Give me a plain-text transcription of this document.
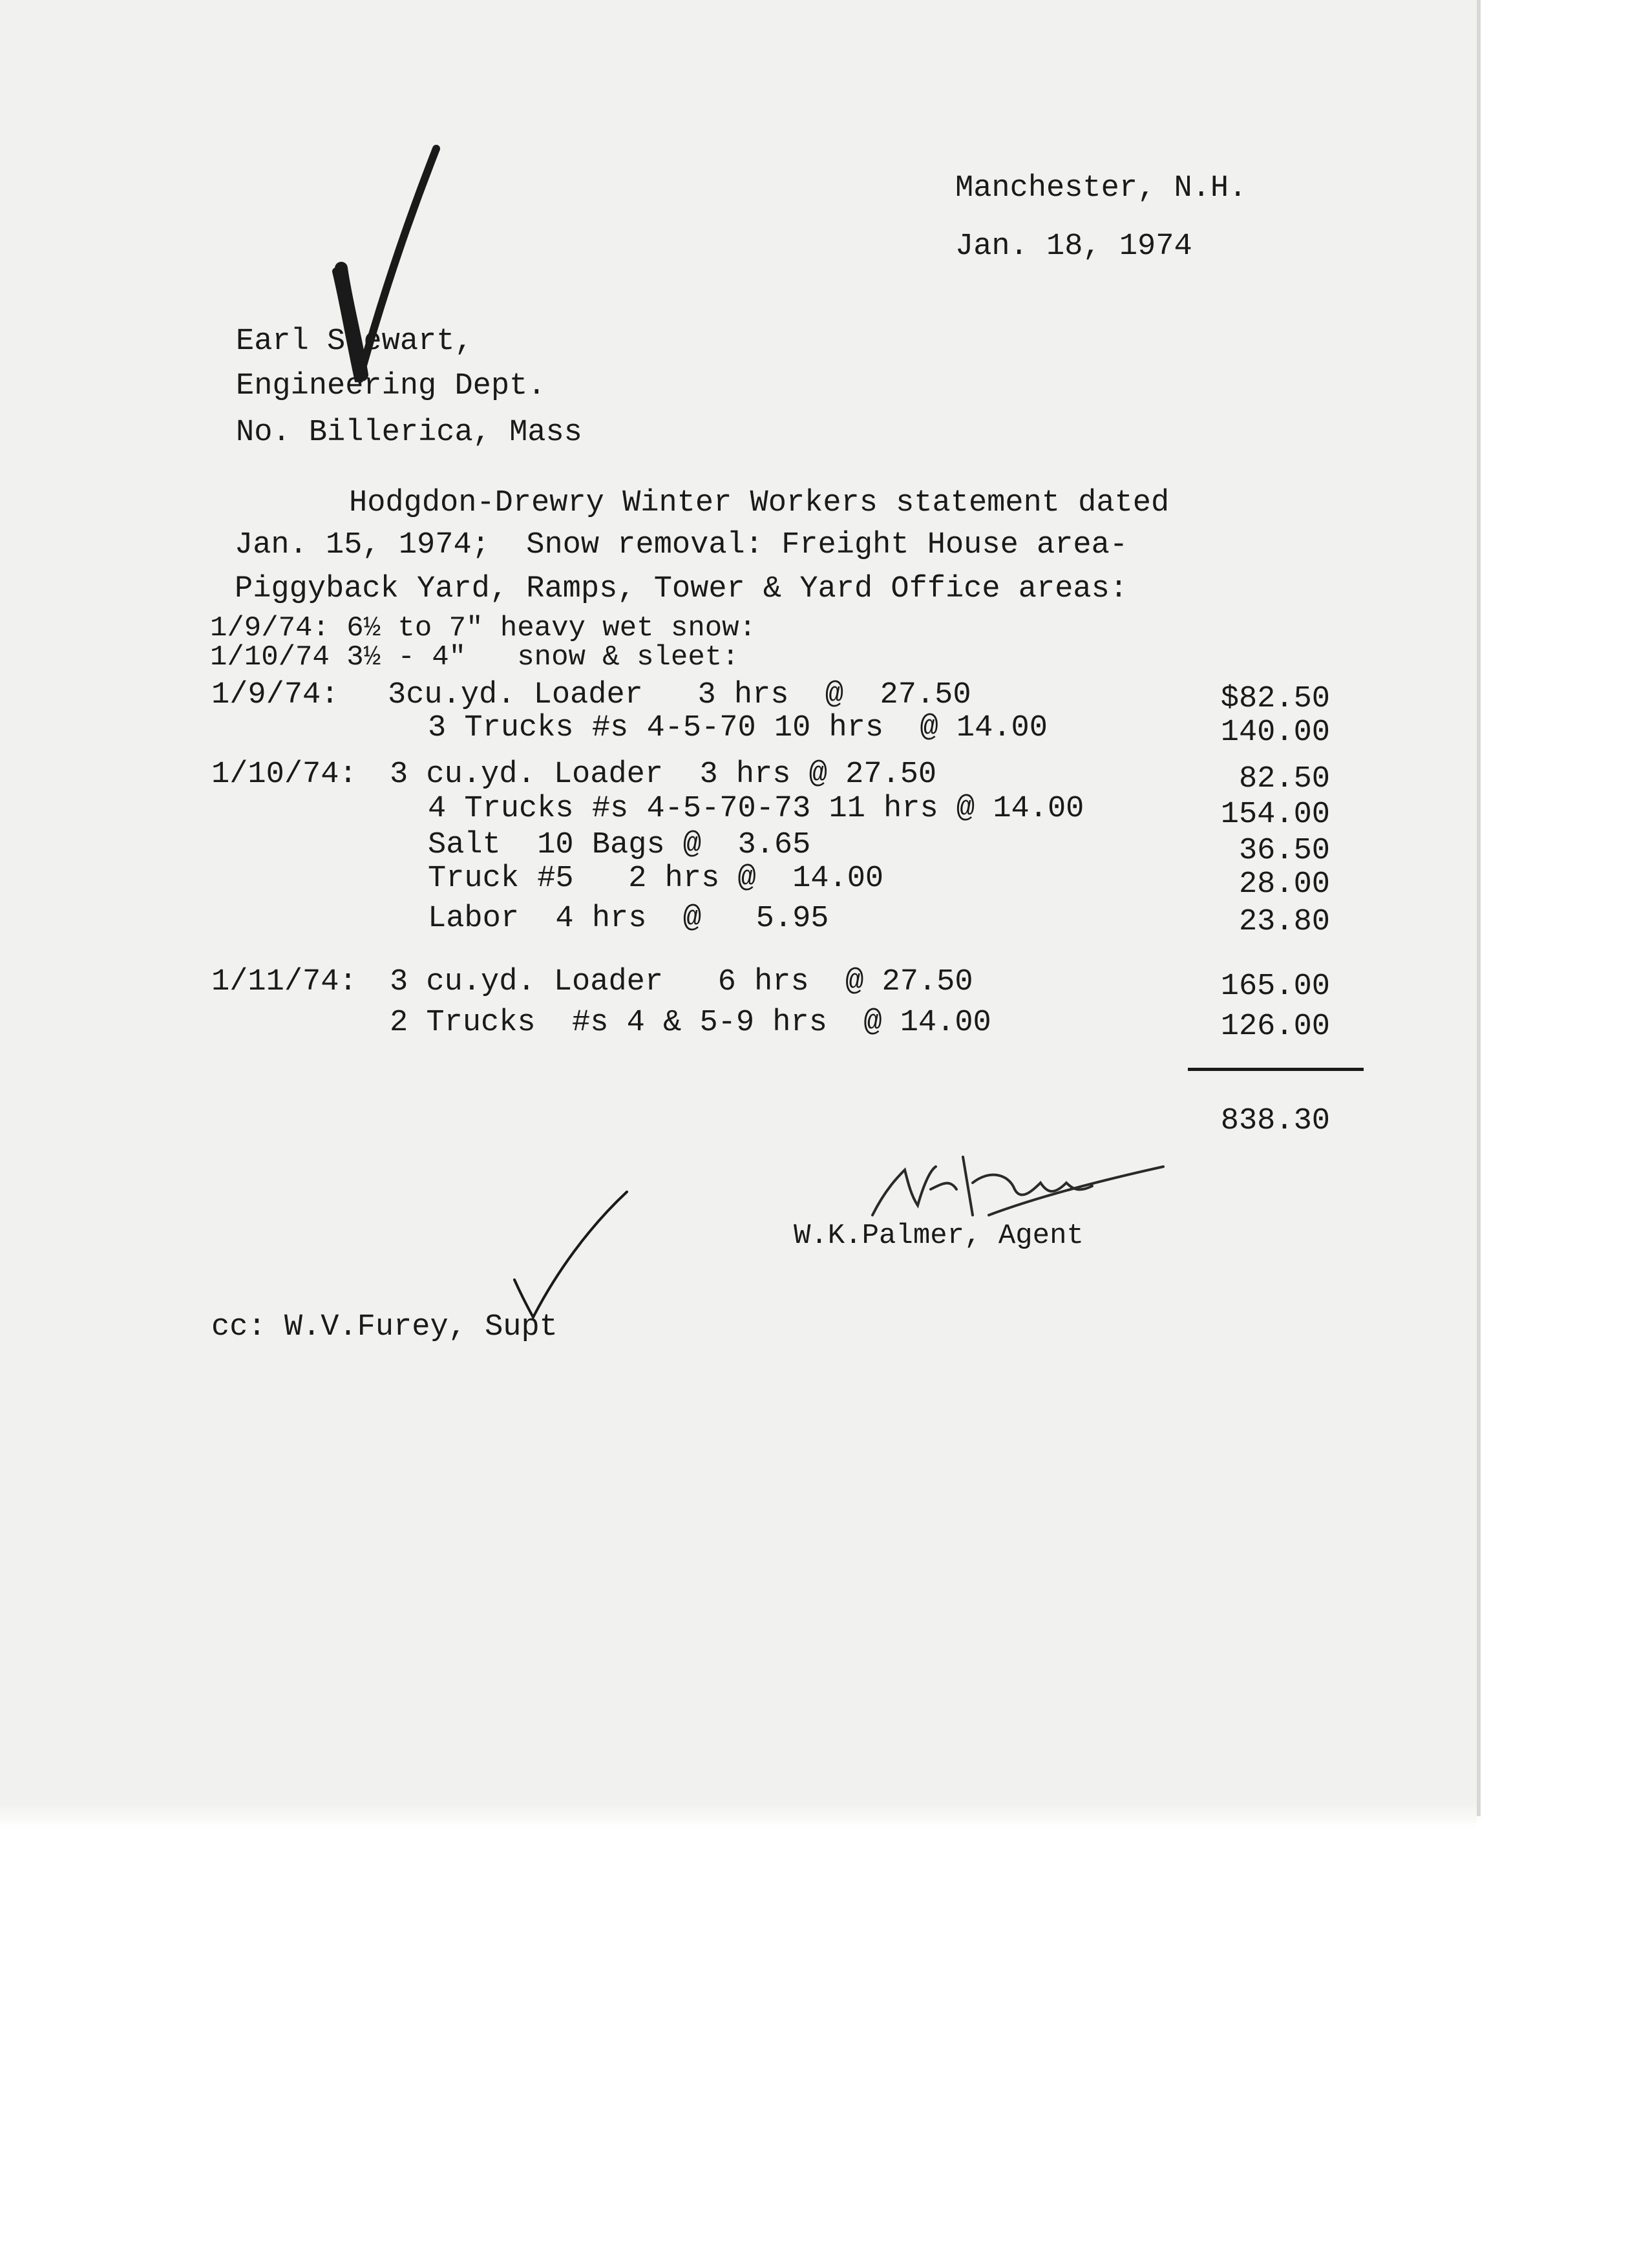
Manchester, N.H.
Jan. 18, 1974
Earl Stewart,
Engineering Dept.
No. Billerica, Mass
Hodgdon-Drewry Winter Workers statement dated
Jan. 15, 1974;  Snow removal: Freight House area-
Piggyback Yard, Ramps, Tower & Yard Office areas:
1/9/74: 6½ to 7" heavy wet snow:
1/10/74 3½ - 4"   snow & sleet:
1/9/74: 3cu.yd. Loader   3 hrs  @  27.50	$82.50
3 Trucks #s 4-5-70 10 hrs  @ 14.00	140.00
1/10/74: 3 cu.yd. Loader  3 hrs @ 27.50	82.50
4 Trucks #s 4-5-70-73 11 hrs @ 14.00	154.00
Salt  10 Bags @  3.65	36.50
Truck #5   2 hrs @  14.00	28.00
Labor  4 hrs  @   5.95	23.80
1/11/74: 3 cu.yd. Loader   6 hrs  @ 27.50	165.00
2 Trucks  #s 4 & 5-9 hrs  @ 14.00	126.00
838.30
W.K.Palmer, Agent
cc: W.V.Furey, Supt
